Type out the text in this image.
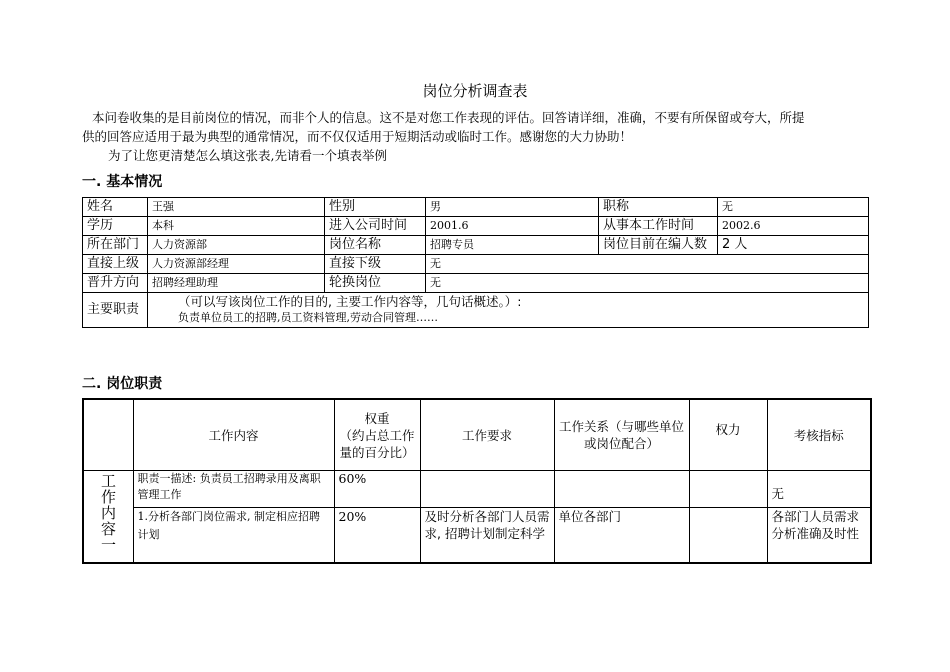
岗位分析调查表
本问卷收集的是目前岗位的情况，而非个人的信息。这不是对您工作表现的评估。回答请详细，准确，不要有所保留或夸大，所提
供的回答应适用于最为典型的通常情况，而不仅仅适用于短期活动或临时工作。感谢您的大力协助！
为了让您更清楚怎么填这张表,先请看一个填表举例
一. 基本情况
姓名	王强	性别	男	职称	无
学历	本科	进入公司时间	2001.6	从事本工作时间	2002.6
所在部门	人力资源部	岗位名称	招聘专员	岗位目前在编人数	2 人
直接上级	人力资源部经理	直接下级	无		
晋升方向	招聘经理助理	轮换岗位	无		
主要职责	（可以写该岗位工作的目的, 主要工作内容等，几句话概述。）:
负责单位员工的招聘,员工资料管理,劳动合同管理……				
二. 岗位职责
	工作内容	权重
（约占总工作量的百分比）	工作要求	工作关系（与哪些单位或岗位配合）	权力	考核指标
工作内容一	职责一描述: 负责员工招聘录用及离职管理工作	60%				无
	1.分析各部门岗位需求, 制定相应招聘计划	20%	及时分析各部门人员需求, 招聘计划制定科学	单位各部门		各部门人员需求分析准确及时性
